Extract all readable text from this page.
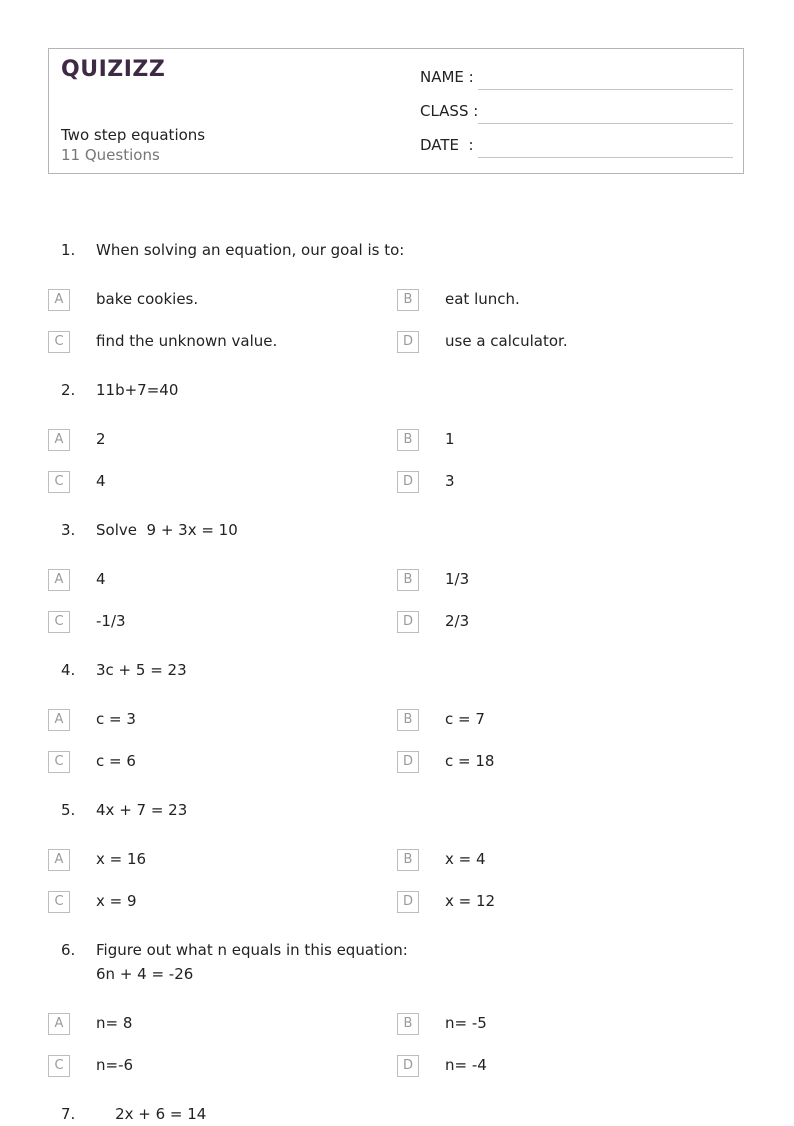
QUIZIZZ
Two step equations
11 Questions
NAME :
CLASS :
DATE  :
1. When solving an equation, our goal is to:
A	bake cookies.	B	eat lunch.
C	find the unknown value.	D	use a calculator.
2. 11b+7=40
A	2	B	1
C	4	D	3
3. Solve  9 + 3x = 10
A	4	B	1/3
C	-1/3	D	2/3
4. 3c + 5 = 23
A	c = 3	B	c = 7
C	c = 6	D	c = 18
5. 4x + 7 = 23
A	x = 16	B	x = 4
C	x = 9	D	x = 12
6. Figure out what n equals in this equation:
6n + 4 = -26
A	n= 8	B	n= -5
C	n=-6	D	n= -4
7. 2x + 6 = 14
